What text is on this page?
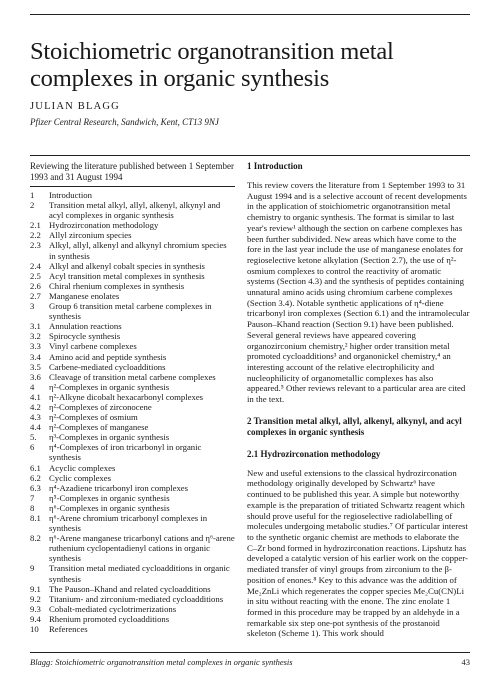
Stoichiometric organotransition metal complexes in organic synthesis

JULIAN BLAGG

Pfizer Central Research, Sandwich, Kent, CT13 9NJ

Reviewing the literature published between 1 September 1993 and 31 August 1994

1	Introduction
2	Transition metal alkyl, allyl, alkenyl, alkynyl and acyl complexes in organic synthesis
2.1 Hydrozirconation methodology
2.2 Allyl zirconium species
2.3 Alkyl, allyl, alkenyl and alkynyl chromium species in synthesis
2.4 Alkyl and alkenyl cobalt species in synthesis
2.5 Acyl transition metal complexes in synthesis
2.6 Chiral rhenium complexes in synthesis
2.7 Manganese enolates
3	Group 6 transition metal carbene complexes in synthesis
3.1 Annulation reactions
3.2 Spirocycle synthesis
3.3 Vinyl carbene complexes
3.4 Amino acid and peptide synthesis
3.5 Carbene-mediated cycloadditions
3.6 Cleavage of transition metal carbene complexes
4	η²-Complexes in organic synthesis
4.1 η²-Alkyne dicobalt hexacarbonyl complexes
4.2 η²-Complexes of zirconocene
4.3 η²-Complexes of osmium
4.4 η²-Complexes of manganese
5.	η³-Complexes in organic synthesis
6	η⁴-Complexes of iron tricarbonyl in organic synthesis
6.1 Acyclic complexes
6.2 Cyclic complexes
6.3 η⁴-Azadiene tricarbonyl iron complexes
7	η⁵-Complexes in organic synthesis
8	η⁶-Complexes in organic synthesis
8.1 η⁶-Arene chromium tricarbonyl complexes in synthesis
8.2 η⁶-Arene manganese tricarbonyl cations and η⁶-arene ruthenium cyclopentadienyl cations in organic synthesis
9	Transition metal mediated cycloadditions in organic synthesis
9.1 The Pauson–Khand and related cycloadditions
9.2 Titanium- and zirconium-mediated cycloadditions
9.3 Cobalt-mediated cyclotrimerizations
9.4 Rhenium promoted cycloadditions
10	References
1 Introduction

This review covers the literature from 1 September 1993 to 31 August 1994 and is a selective account of recent developments in the application of stoichiometric organotransition metal chemistry to organic synthesis. The format is similar to last year's review¹ although the section on carbene complexes has been further subdivided. New areas which have come to the fore in the last year include the use of manganese enolates for regioselective ketone alkylation (Section 2.7), the use of η²-osmium complexes to control the reactivity of aromatic systems (Section 4.3) and the synthesis of peptides containing unnatural amino acids using chromium carbene complexes (Section 3.4). Notable synthetic applications of η⁴-diene tricarbonyl iron complexes (Section 6.1) and the intramolecular Pauson–Khand reaction (Section 9.1) have been published. Several general reviews have appeared covering organozirconium chemistry,² higher order transition metal promoted cycloadditions³ and organonickel chemistry,⁴ an interesting account of the relative electrophilicity and nucleophilicity of organometallic complexes has also appeared.⁵ Other reviews relevant to a particular area are cited in the text.

2 Transition metal alkyl, allyl, alkenyl, alkynyl, and acyl complexes in organic synthesis
2.1 Hydrozirconation methodology

New and useful extensions to the classical hydrozirconation methodology originally developed by Schwartz⁶ have continued to be published this year. A simple but noteworthy example is the preparation of tritiated Schwartz reagent which should prove useful for the regioselective radiolabelling of molecules undergoing metabolic studies.⁷ Of particular interest to the synthetic organic chemist are methods to elaborate the C–Zr bond formed in hydrozirconation reactions. Lipshutz has developed a catalytic version of his earlier work on the copper-mediated transfer of vinyl groups from zirconium to the β-position of enones.⁸ Key to this advance was the addition of Me₂ZnLi which regenerates the copper species Me₂Cu(CN)Li in situ without reacting with the enone. The zinc enolate 1 formed in this procedure may be trapped by an aldehyde in a remarkable six step one-pot synthesis of the prostanoid skeleton (Scheme 1). This work should

Blagg: Stoichiometric organotransition metal complexes in organic synthesis	43
